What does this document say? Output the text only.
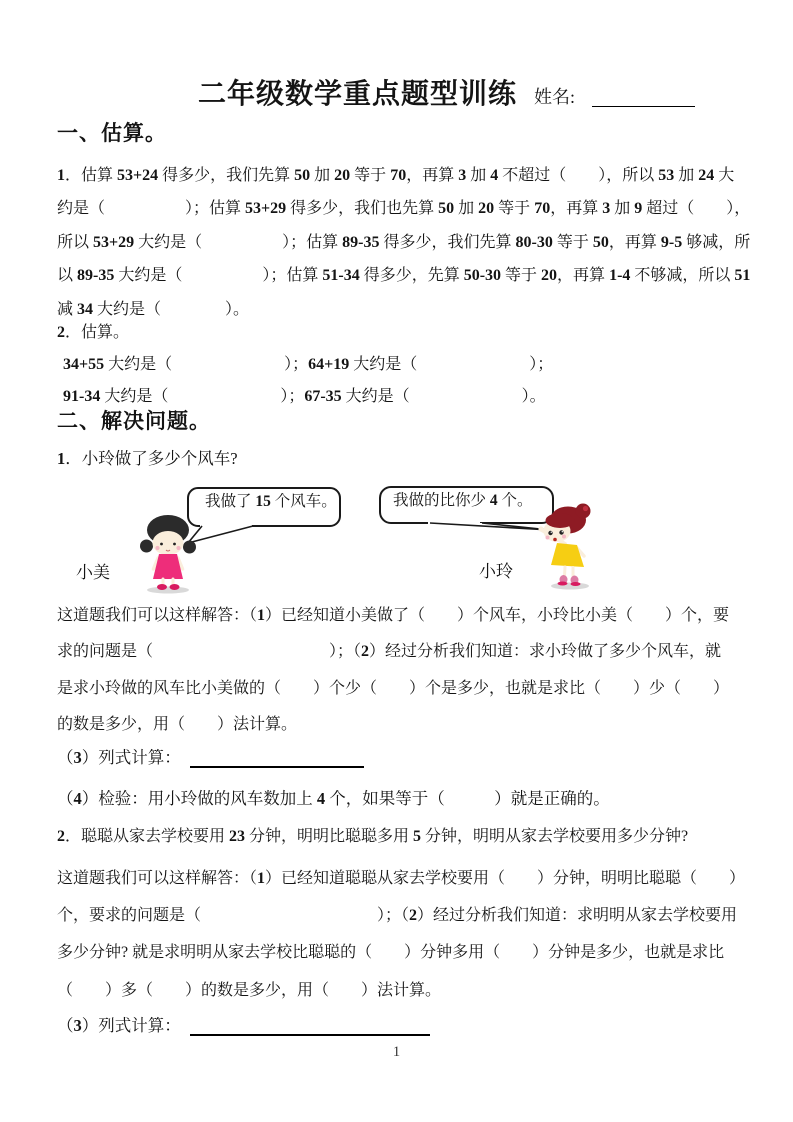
二年级数学重点题型训练 姓名:
一、估算。
1．估算 53+24 得多少，我们先算 50 加 20 等于 70，再算 3 加 4 不超过（　　），所以 53 加 24 大
约是（　　　　　）；估算 53+29 得多少，我们也先算 50 加 20 等于 70，再算 3 加 9 超过（　　），
所以 53+29 大约是（　　　　　）；估算 89-35 得多少，我们先算 80-30 等于 50，再算 9-5 够减，所
以 89-35 大约是（　　　　　）；估算 51-34 得多少，先算 50-30 等于 20，再算 1-4 不够减，所以 51
减 34 大约是（　　　　）。
2．估算。
34+55 大约是（　　　　　　　）；64+19 大约是（　　　　　　　）；
91-34 大约是（　　　　　　　）；67-35 大约是（　　　　　　　）。
二、解决问题。
1．小玲做了多少个风车?
我做了 15 个风车。	我做的比你少 4 个。
小美	小玲
这道题我们可以这样解答：（1）已经知道小美做了（　　）个风车，小玲比小美（　　）个，要
求的问题是（　　　　　　　　　　　）；（2）经过分析我们知道：求小玲做了多少个风车，就
是求小玲做的风车比小美做的（　　）个少（　　）个是多少，也就是求比（　　）少（　　）
的数是多少，用（　　）法计算。
（3）列式计算：
（4）检验：用小玲做的风车数加上 4 个，如果等于（　　　）就是正确的。
2．聪聪从家去学校要用 23 分钟，明明比聪聪多用 5 分钟，明明从家去学校要用多少分钟?
这道题我们可以这样解答：（1）已经知道聪聪从家去学校要用（　　）分钟，明明比聪聪（　　）
个，要求的问题是（　　　　　　　　　　　）；（2）经过分析我们知道：求明明从家去学校要用
多少分钟? 就是求明明从家去学校比聪聪的（　　）分钟多用（　　）分钟是多少，也就是求比
（　　）多（　　）的数是多少，用（　　）法计算。
（3）列式计算：
1
